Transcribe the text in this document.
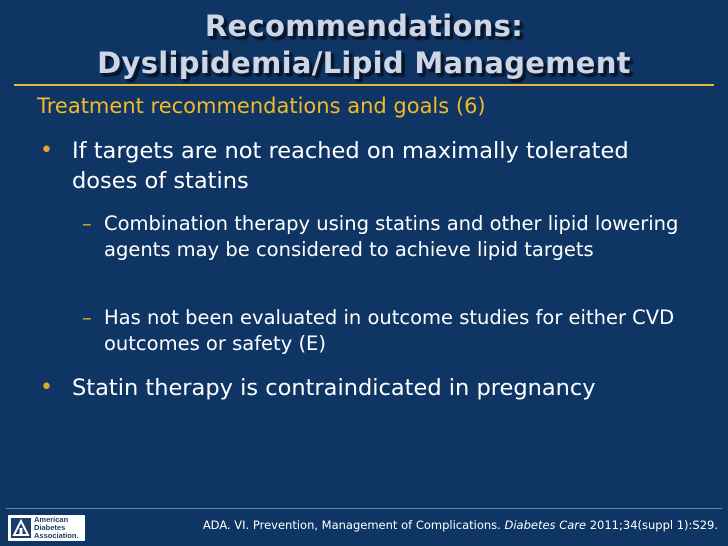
Recommendations:
Dyslipidemia/Lipid Management
Treatment recommendations and goals (6)
• If targets are not reached on maximally tolerated doses of statins
– Combination therapy using statins and other lipid lowering agents may be considered to achieve lipid targets
– Has not been evaluated in outcome studies for either CVD outcomes or safety (E)
• Statin therapy is contraindicated in pregnancy
American
Diabetes
Association.
ADA. VI. Prevention, Management of Complications. Diabetes Care 2011;34(suppl 1):S29.
